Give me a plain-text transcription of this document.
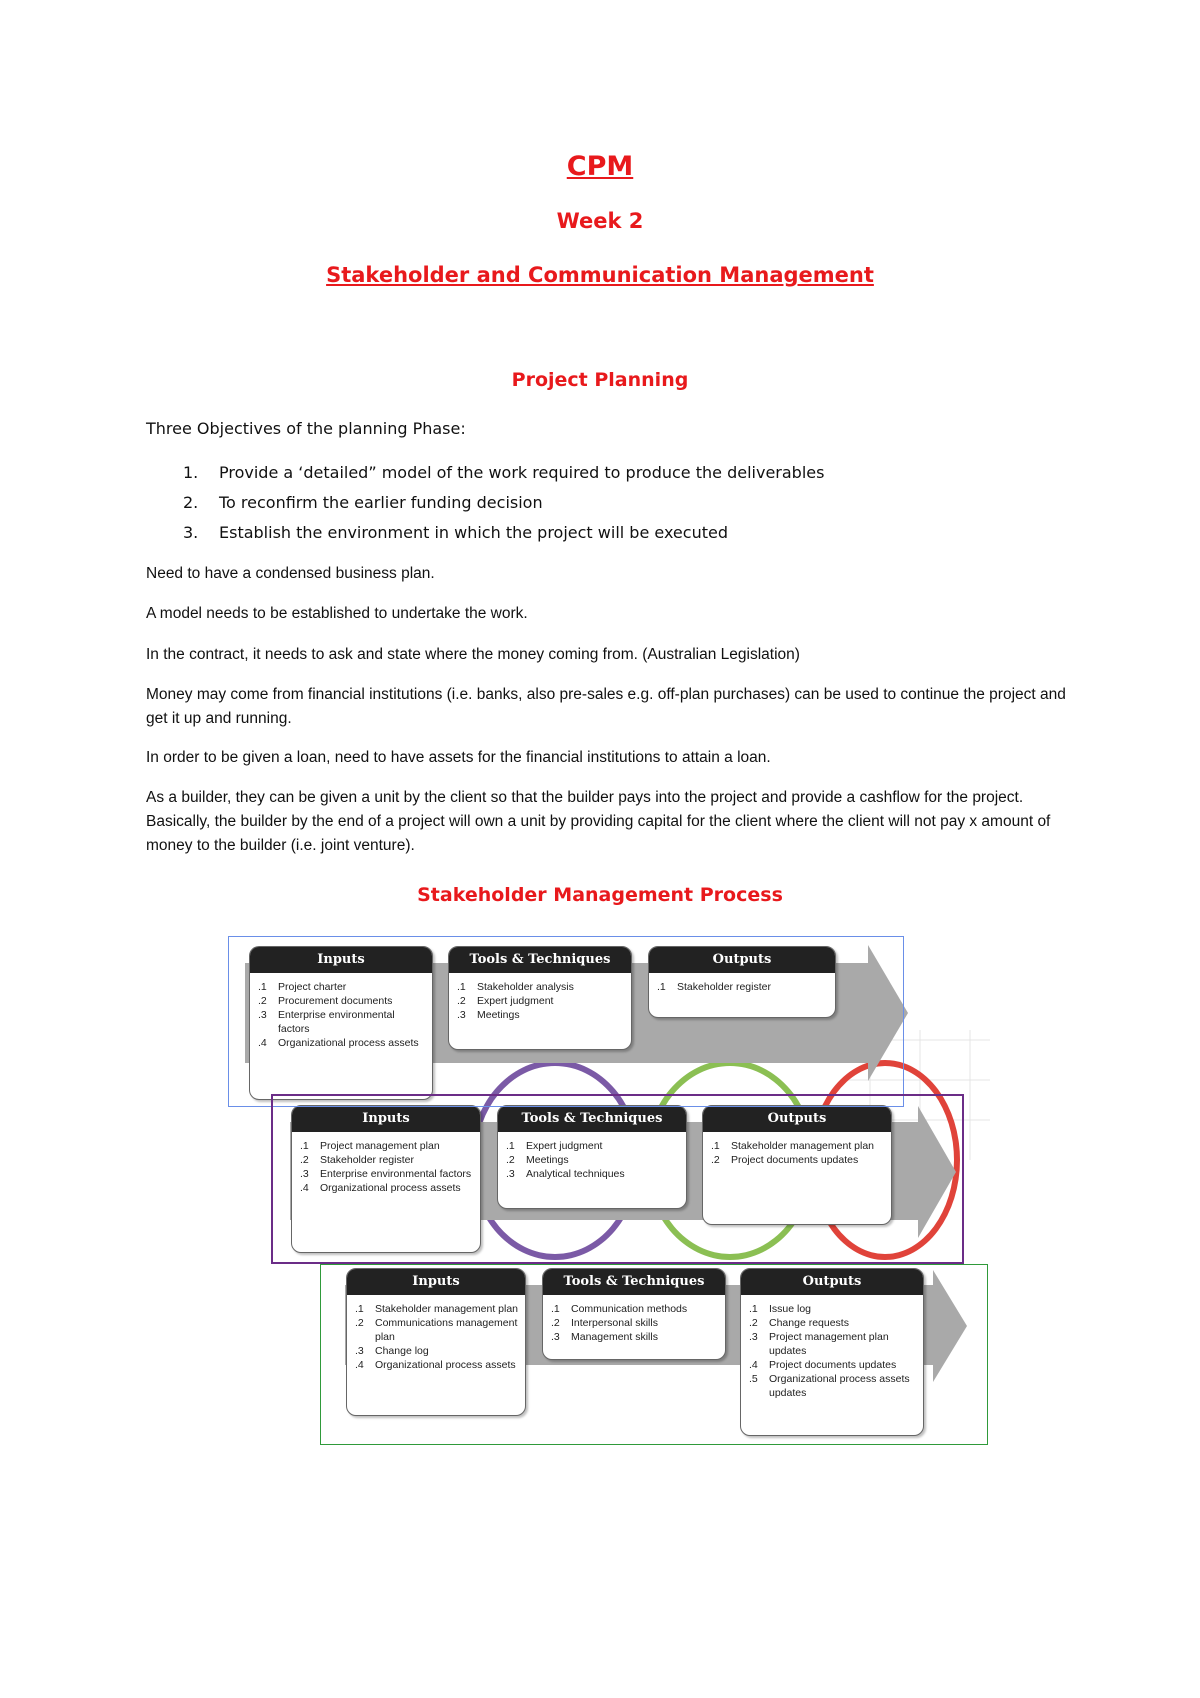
CPM
Week 2
Stakeholder and Communication Management
Project Planning
Three Objectives of the planning Phase:
1. Provide a ‘detailed” model of the work required to produce the deliverables
2. To reconfirm the earlier funding decision
3. Establish the environment in which the project will be executed
Need to have a condensed business plan.
A model needs to be established to undertake the work.
In the contract, it needs to ask and state where the money coming from. (Australian Legislation)
Money may come from financial institutions (i.e. banks, also pre-sales e.g. off-plan purchases) can be used to continue the project and get it up and running.
In order to be given a loan, need to have assets for the financial institutions to attain a loan.
As a builder, they can be given a unit by the client so that the builder pays into the project and provide a cashflow for the project. Basically, the builder by the end of a project will own a unit by providing capital for the client where the client will not pay x amount of money to the builder (i.e. joint venture).
Stakeholder Management Process
Inputs
.1 Project charter
.2 Procurement documents
.3 Enterprise environmental factors
.4 Organizational process assets
Tools & Techniques
.1 Stakeholder analysis
.2 Expert judgment
.3 Meetings
Outputs
.1 Stakeholder register
Inputs
.1 Project management plan
.2 Stakeholder register
.3 Enterprise environmental factors
.4 Organizational process assets
Tools & Techniques
.1 Expert judgment
.2 Meetings
.3 Analytical techniques
Outputs
.1 Stakeholder management plan
.2 Project documents updates
Inputs
.1 Stakeholder management plan
.2 Communications management plan
.3 Change log
.4 Organizational process assets
Tools & Techniques
.1 Communication methods
.2 Interpersonal skills
.3 Management skills
Outputs
.1 Issue log
.2 Change requests
.3 Project management plan updates
.4 Project documents updates
.5 Organizational process assets updates
